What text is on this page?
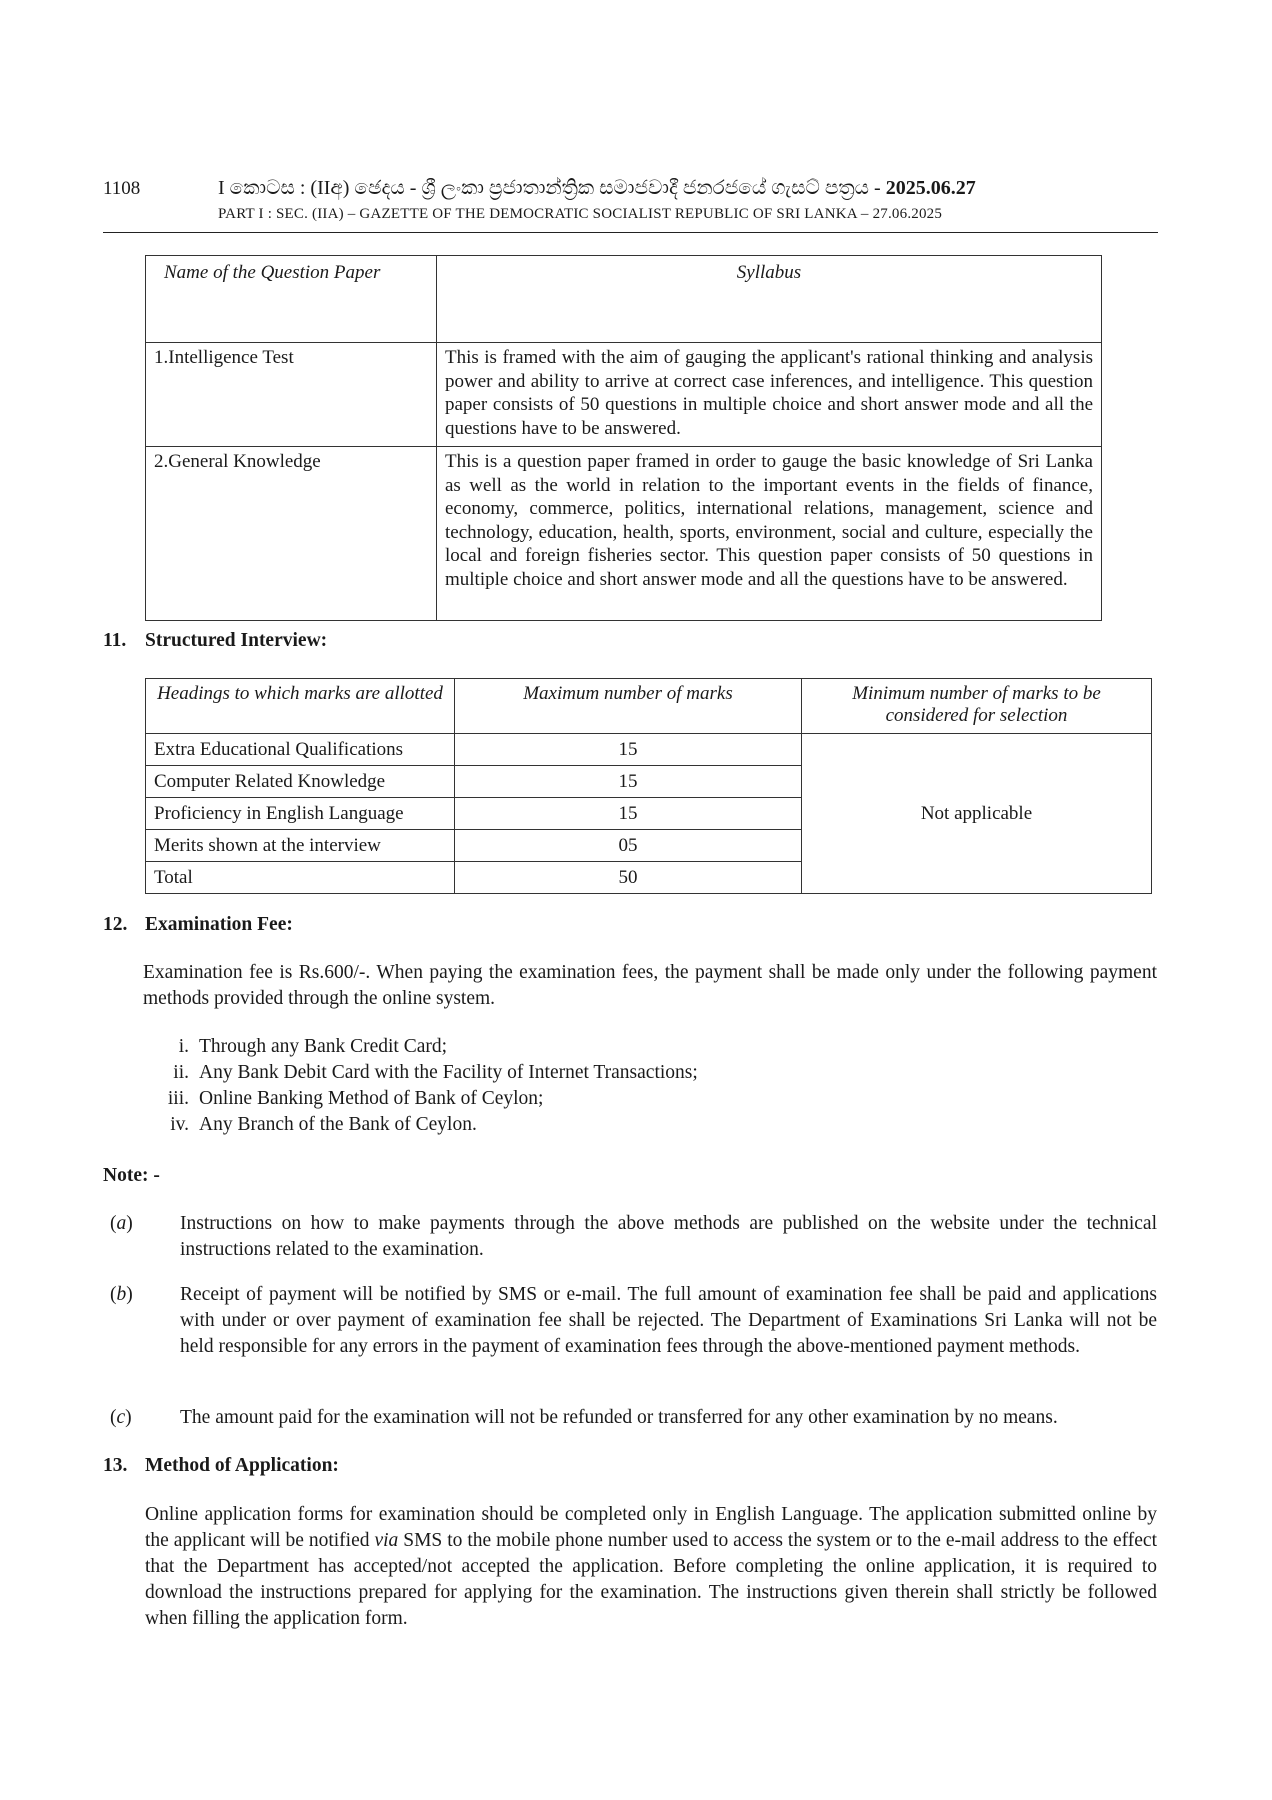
1108	I කොටස : (IIඅ) ඡෙදය - ශ්‍රී ලංකා ප්‍රජාතාන්ත්‍රික සමාජවාදී ජනරජයේ ගැසට් පත්‍රය - 2025.06.27
PART I : SEC. (IIA) – GAZETTE OF THE DEMOCRATIC SOCIALIST REPUBLIC OF SRI LANKA – 27.06.2025
Name of the Question Paper	Syllabus
1.Intelligence Test	This is framed with the aim of gauging the applicant's rational thinking and analysis power and ability to arrive at correct case inferences, and intelligence. This question paper consists of 50 questions in multiple choice and short answer mode and all the questions have to be answered.
2.General Knowledge	This is a question paper framed in order to gauge the basic knowledge of Sri Lanka as well as the world in relation to the important events in the fields of finance, economy, commerce, politics, international relations, management, science and technology, education, health, sports, environment, social and culture, especially the local and foreign fisheries sector. This question paper consists of 50 questions in multiple choice and short answer mode and all the questions have to be answered.
11. Structured Interview:
Headings to which marks are allotted	Maximum number of marks	Minimum number of marks to be considered for selection
Extra Educational Qualifications	15	Not applicable
Computer Related Knowledge	15	
Proficiency in English Language	15	
Merits shown at the interview	05	
Total	50	
12. Examination Fee:
Examination fee is Rs.600/-. When paying the examination fees, the payment shall be made only under the following payment methods provided through the online system.
i. Through any Bank Credit Card;
ii. Any Bank Debit Card with the Facility of Internet Transactions;
iii. Online Banking Method of Bank of Ceylon;
iv. Any Branch of the Bank of Ceylon.
Note: -
(a) Instructions on how to make payments through the above methods are published on the website under the technical instructions related to the examination.
(b) Receipt of payment will be notified by SMS or e-mail. The full amount of examination fee shall be paid and applications with under or over payment of examination fee shall be rejected. The Department of Examinations Sri Lanka will not be held responsible for any errors in the payment of examination fees through the above-mentioned payment methods.
(c) The amount paid for the examination will not be refunded or transferred for any other examination by no means.
13. Method of Application:
Online application forms for examination should be completed only in English Language. The application submitted online by the applicant will be notified via SMS to the mobile phone number used to access the system or to the e-mail address to the effect that the Department has accepted/not accepted the application. Before completing the online application, it is required to download the instructions prepared for applying for the examination. The instructions given therein shall strictly be followed when filling the application form.
